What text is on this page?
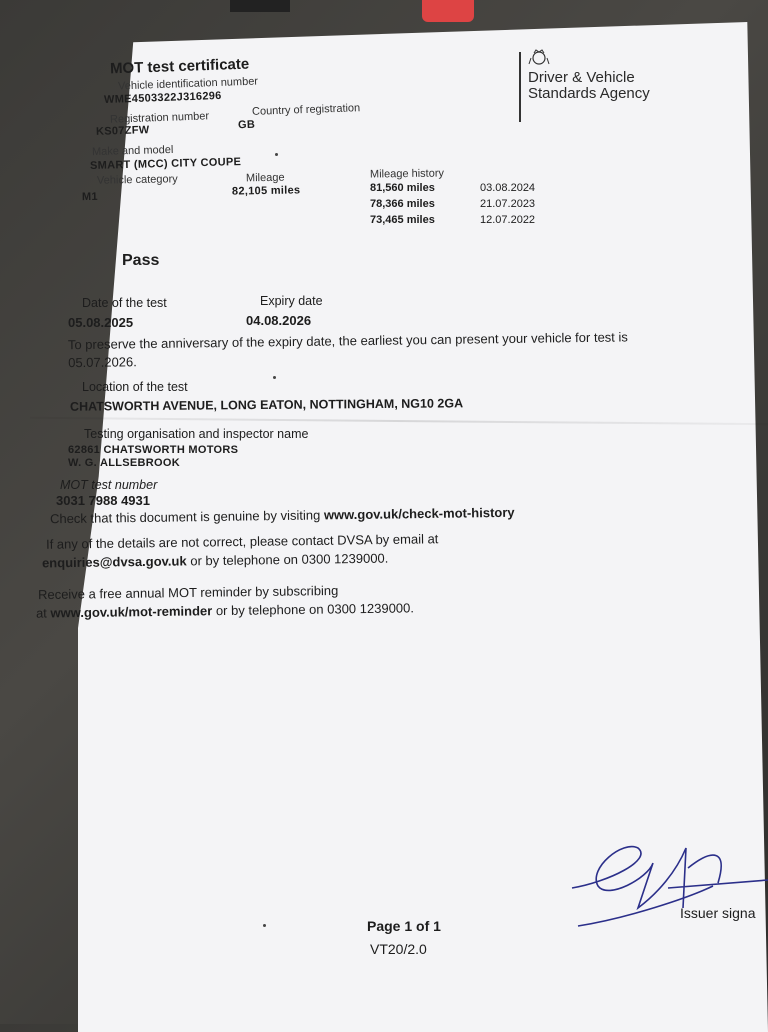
MOT test certificate
Vehicle identification number
WME4503322J316296
Registration number
KS07ZFW
Country of registration
GB
Make and model
SMART (MCC) CITY COUPE
Vehicle category
M1
Mileage
82,105 miles
Mileage history
81,560 miles	03.08.2024
78,366 miles	21.07.2023
73,465 miles	12.07.2022
Driver & Vehicle Standards Agency
Pass
Date of the test
05.08.2025
Expiry date
04.08.2026
To preserve the anniversary of the expiry date, the earliest you can present your vehicle for test is 05.07.2026.
Location of the test
CHATSWORTH AVENUE, LONG EATON, NOTTINGHAM, NG10 2GA
Testing organisation and inspector name
62861 CHATSWORTH MOTORS
W. G. ALLSEBROOK
MOT test number
3031 7988 4931
Check that this document is genuine by visiting www.gov.uk/check-mot-history
If any of the details are not correct, please contact DVSA by email at
enquiries@dvsa.gov.uk or by telephone on 0300 1239000.
Receive a free annual MOT reminder by subscribing
at www.gov.uk/mot-reminder or by telephone on 0300 1239000.
Page 1 of 1
VT20/2.0
Issuer signa
